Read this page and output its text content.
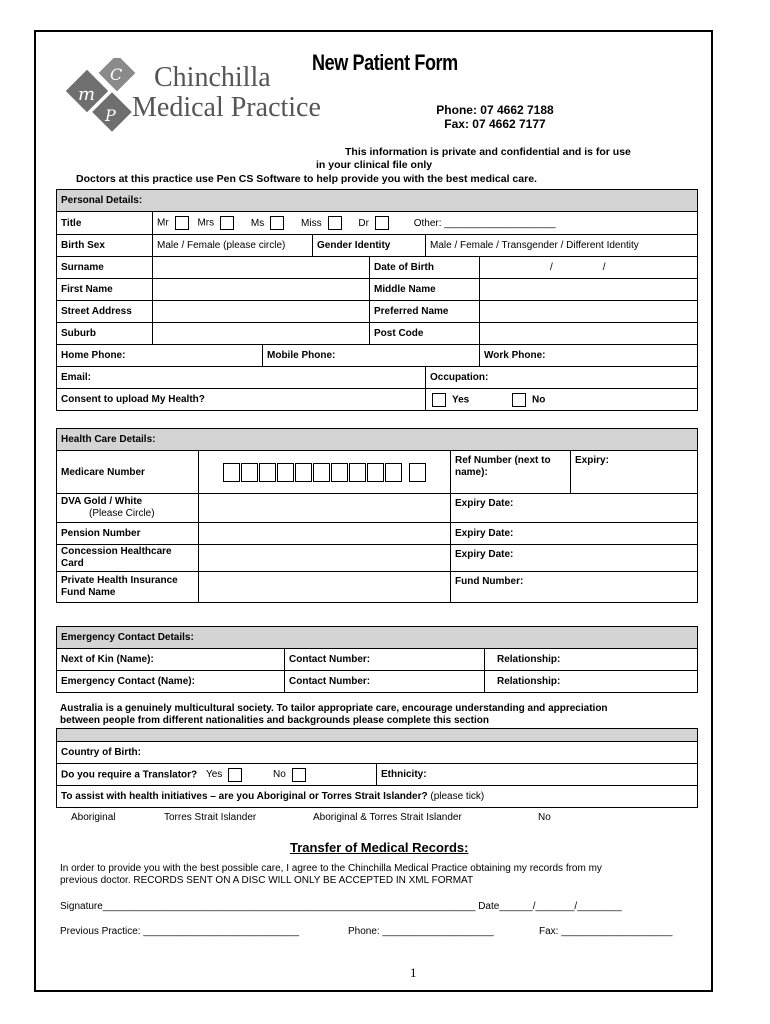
m
C
P
Chinchilla
Medical Practice
New Patient Form
Phone: 07 4662 7188
Fax: 07 4662 7177
This information is private and confidential and is for use
in your clinical file only
Doctors at this practice use Pen CS Software to help provide you with the best medical care.
Personal Details:						
Title	Mr Mrs Ms Miss Dr Other: ____________________					
Birth Sex	Male / Female (please circle)		Gender Identity		Male / Female / Transgender / Different Identity	
Surname				Date of Birth		/ /
First Name				Middle Name		
Street Address				Preferred Name		
Suburb				Post Code		
Home Phone:		Mobile Phone:				Work Phone:
Email:					Occupation:	
Consent to upload My Health?					Yes No	
Health Care Details:			
Medicare Number		Ref Number (next to name):	Expiry:

DVA Gold / White
(Please Circle)		Expiry Date:	
Pension Number		Expiry Date:	
Concession Healthcare Card		Expiry Date:	
Private Health Insurance Fund Name		Fund Number:	
Emergency Contact Details:		
Next of Kin (Name):	Contact Number:	Relationship:
Emergency Contact (Name):	Contact Number:	Relationship:
Australia is a genuinely multicultural society. To tailor appropriate care, encourage understanding and appreciation
between people from different nationalities and backgrounds please complete this section

Country of Birth:
Do you require a Translator? Yes	No	Ethnicity:
To assist with health initiatives – are you Aboriginal or Torres Strait Islander? (please tick)
Aboriginal	Torres Strait Islander	Aboriginal & Torres Strait Islander	No
Transfer of Medical Records:
In order to provide you with the best possible care, I agree to the Chinchilla Medical Practice obtaining my records from my
previous doctor. RECORDS SENT ON A DISC WILL ONLY BE ACCEPTED IN XML FORMAT
Signature___________________________________________________________________ Date______/_______/________
Previous Practice: ____________________________	Phone: ____________________	Fax: ____________________
1
